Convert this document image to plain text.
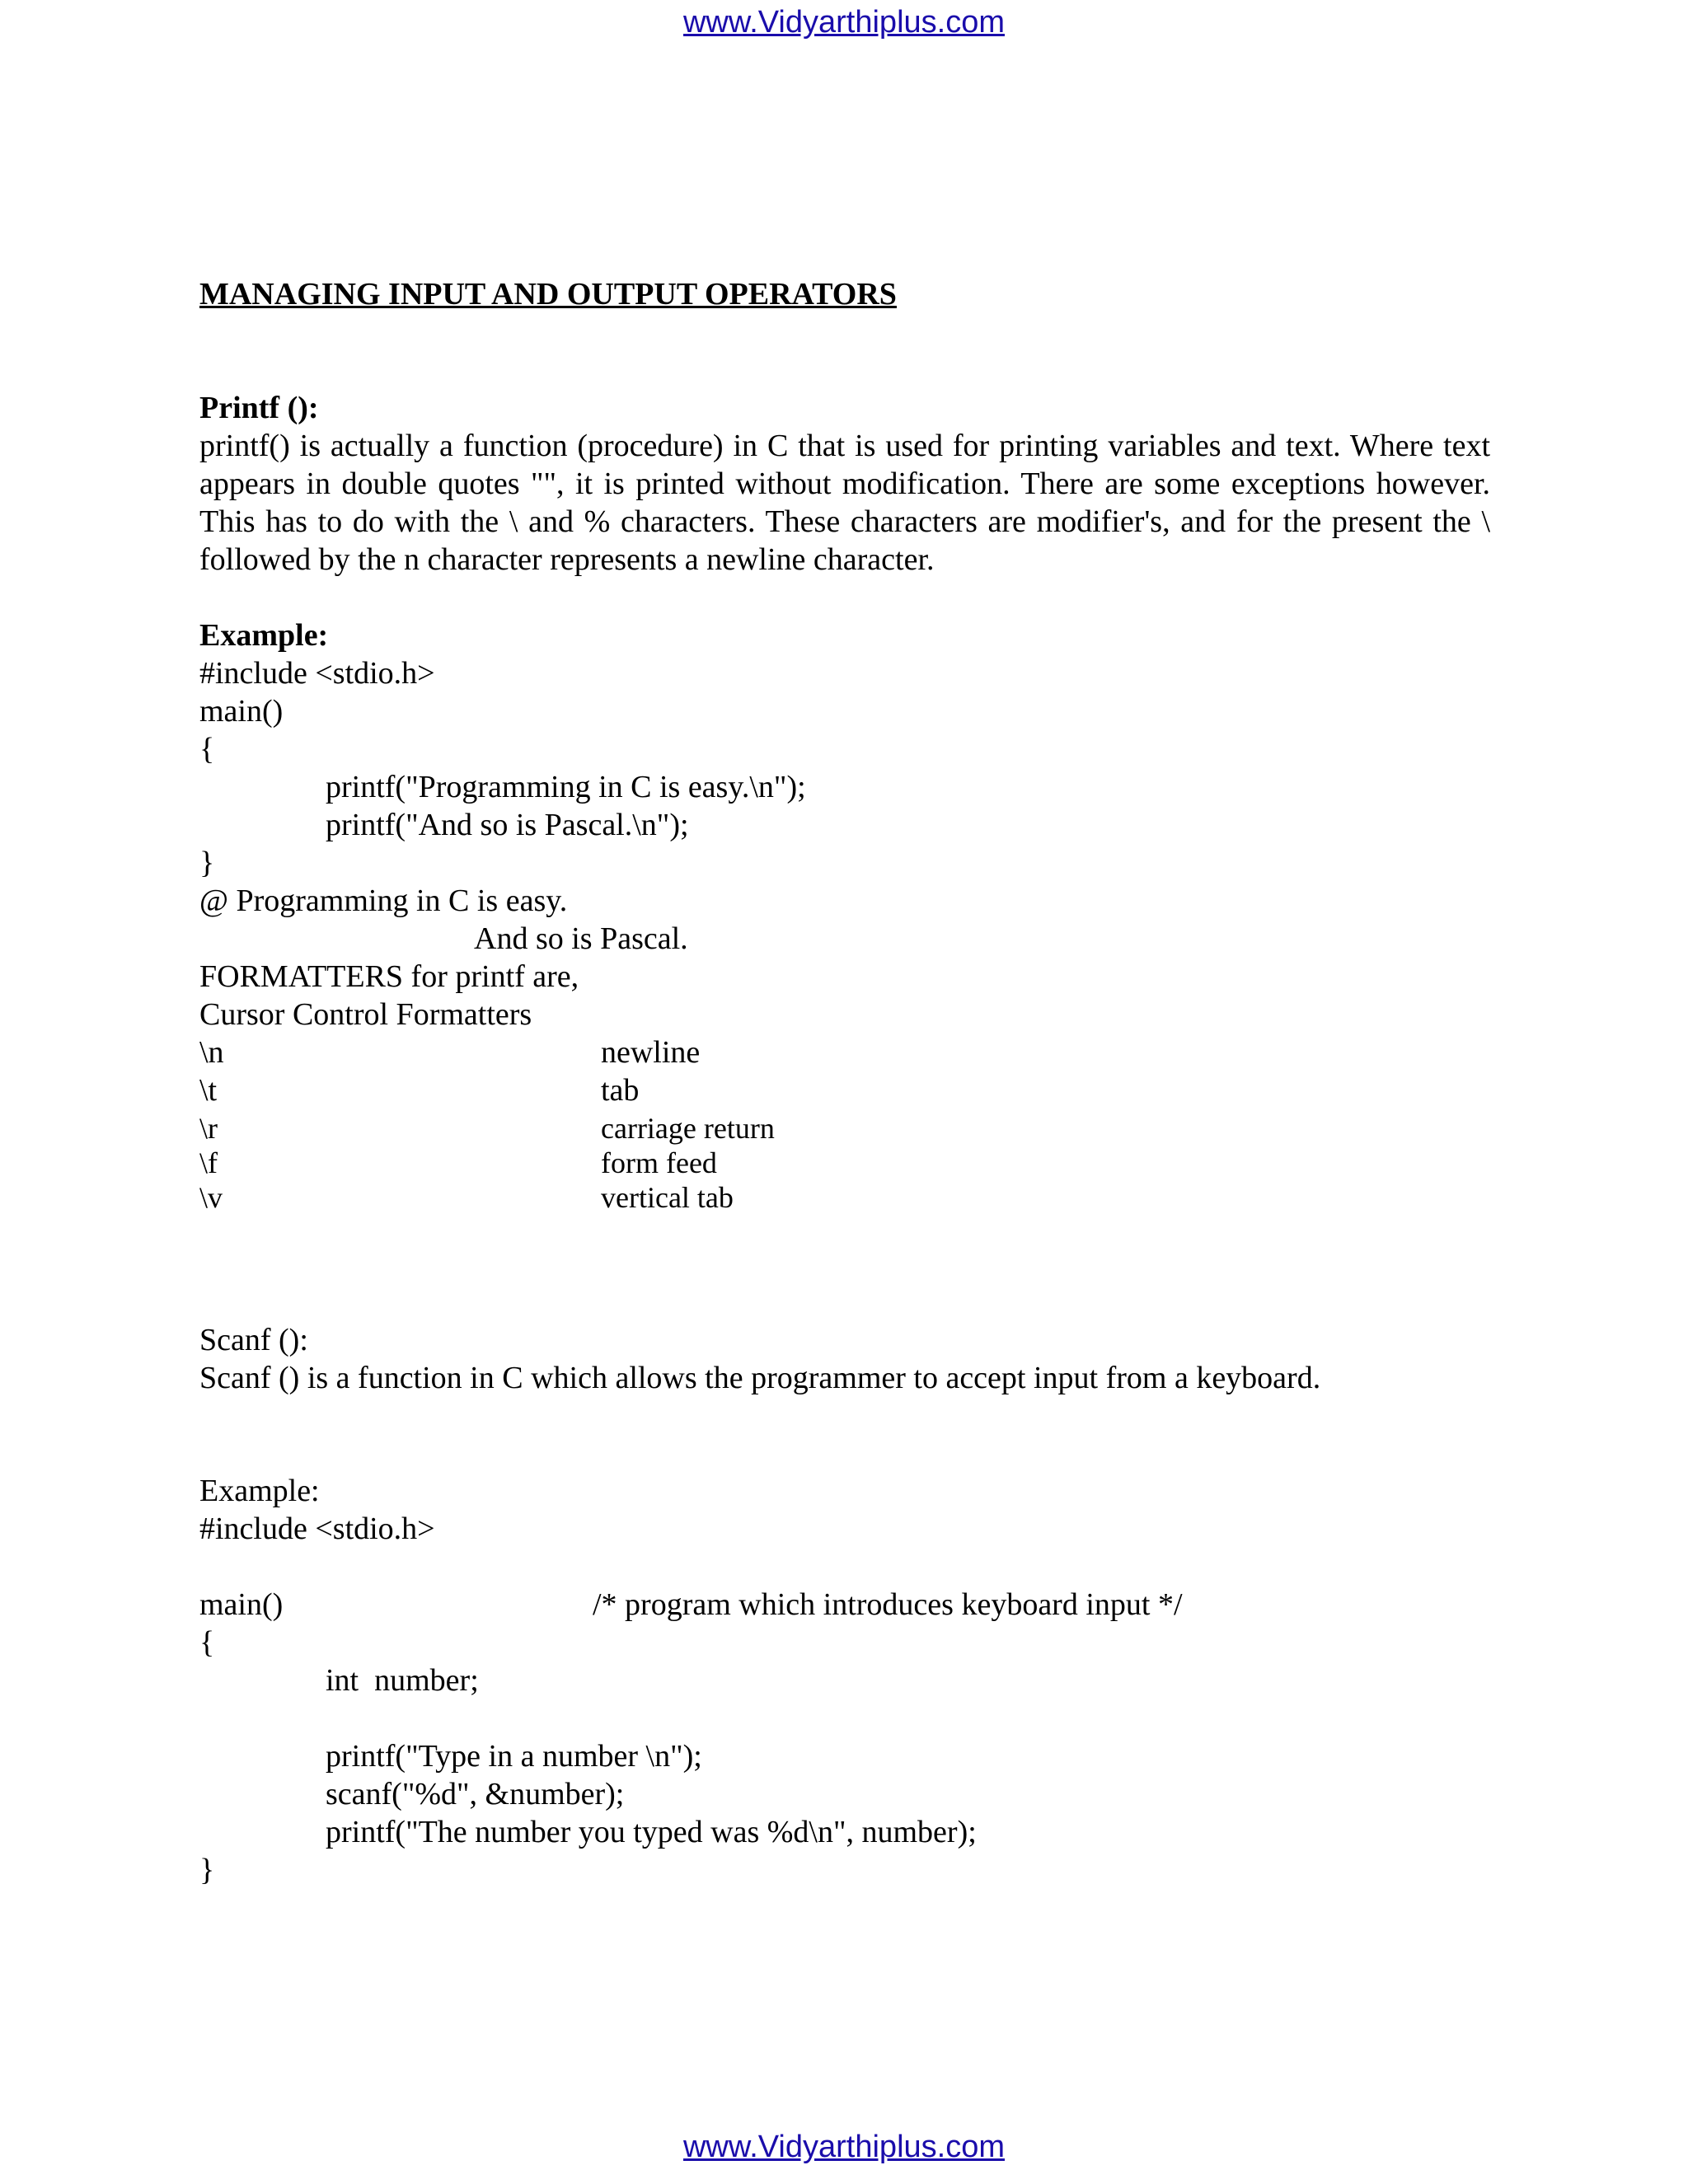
www.Vidyarthiplus.com
MANAGING INPUT AND OUTPUT OPERATORS
Printf ():
printf() is actually a function (procedure) in C that is used for printing variables and text. Where text appears in double quotes "", it is printed without modification. There are some exceptions however. This has to do with the \ and % characters. These characters are modifier's, and for the present the \ followed by the n character represents a newline character.
Example:
#include <stdio.h>
main()
{
printf("Programming in C is easy.\n");
printf("And so is Pascal.\n");
}
@ Programming in C is easy.
And so is Pascal.
FORMATTERS for printf are,
Cursor Control Formatters
\n	newline
\t	tab
\r	carriage return
\f	form feed
\v	vertical tab
Scanf ():
Scanf () is a function in C which allows the programmer to accept input from a keyboard.
Example:
#include <stdio.h>
main()	/* program which introduces keyboard input */
{
int  number;
printf("Type in a number \n");
scanf("%d", &number);
printf("The number you typed was %d\n", number);
}
www.Vidyarthiplus.com
